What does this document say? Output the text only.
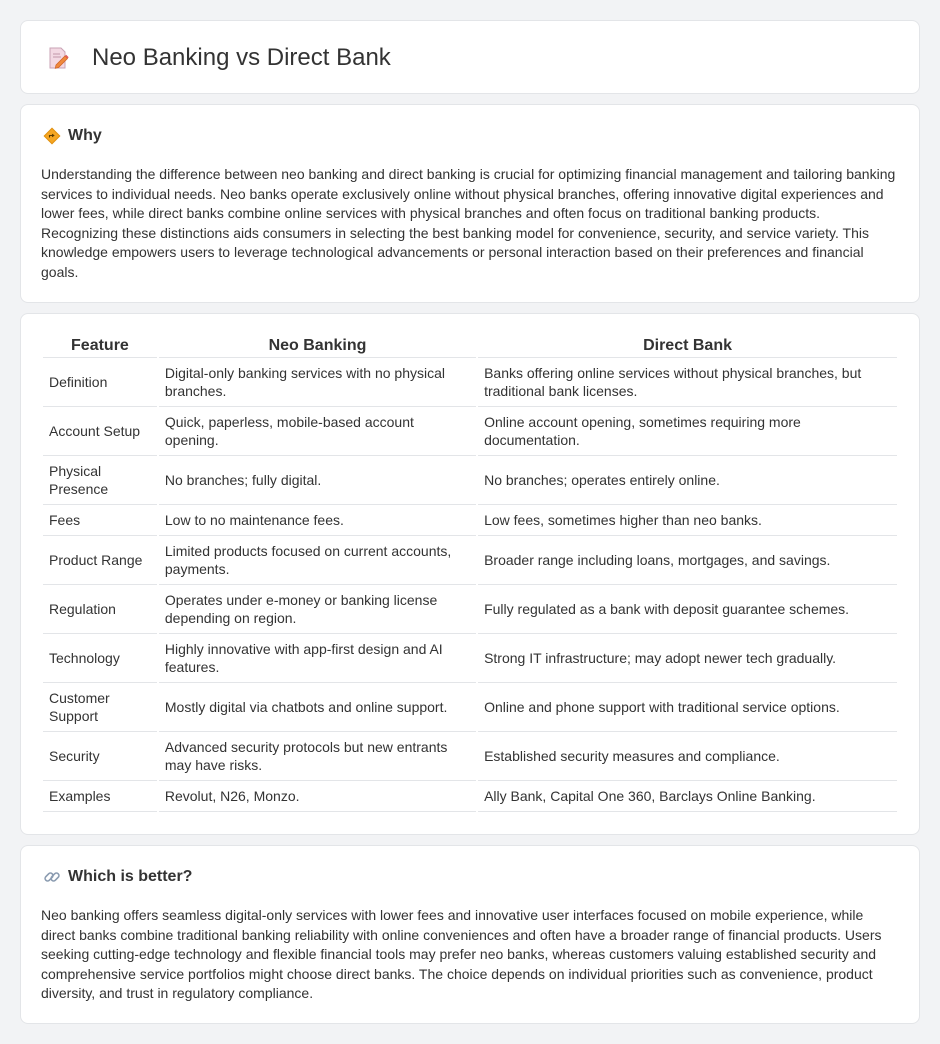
Neo Banking vs Direct Bank
Why

Understanding the difference between neo banking and direct banking is crucial for optimizing financial management and tailoring banking services to individual needs. Neo banks operate exclusively online without physical branches, offering innovative digital experiences and lower fees, while direct banks combine online services with physical branches and often focus on traditional banking products. Recognizing these distinctions aids consumers in selecting the best banking model for convenience, security, and service variety. This knowledge empowers users to leverage technological advancements or personal interaction based on their preferences and financial goals.

Feature	Neo Banking	Direct Bank
Definition	Digital-only banking services with no physical branches.	Banks offering online services without physical branches, but traditional bank licenses.
Account Setup	Quick, paperless, mobile-based account opening.	Online account opening, sometimes requiring more documentation.
Physical Presence	No branches; fully digital.	No branches; operates entirely online.
Fees	Low to no maintenance fees.	Low fees, sometimes higher than neo banks.
Product Range	Limited products focused on current accounts, payments.	Broader range including loans, mortgages, and savings.
Regulation	Operates under e-money or banking license depending on region.	Fully regulated as a bank with deposit guarantee schemes.
Technology	Highly innovative with app-first design and AI features.	Strong IT infrastructure; may adopt newer tech gradually.
Customer Support	Mostly digital via chatbots and online support.	Online and phone support with traditional service options.
Security	Advanced security protocols but new entrants may have risks.	Established security measures and compliance.
Examples	Revolut, N26, Monzo.	Ally Bank, Capital One 360, Barclays Online Banking.
Which is better?

Neo banking offers seamless digital-only services with lower fees and innovative user interfaces focused on mobile experience, while direct banks combine traditional banking reliability with online conveniences and often have a broader range of financial products. Users seeking cutting-edge technology and flexible financial tools may prefer neo banks, whereas customers valuing established security and comprehensive service portfolios might choose direct banks. The choice depends on individual priorities such as convenience, product diversity, and trust in regulatory compliance.
